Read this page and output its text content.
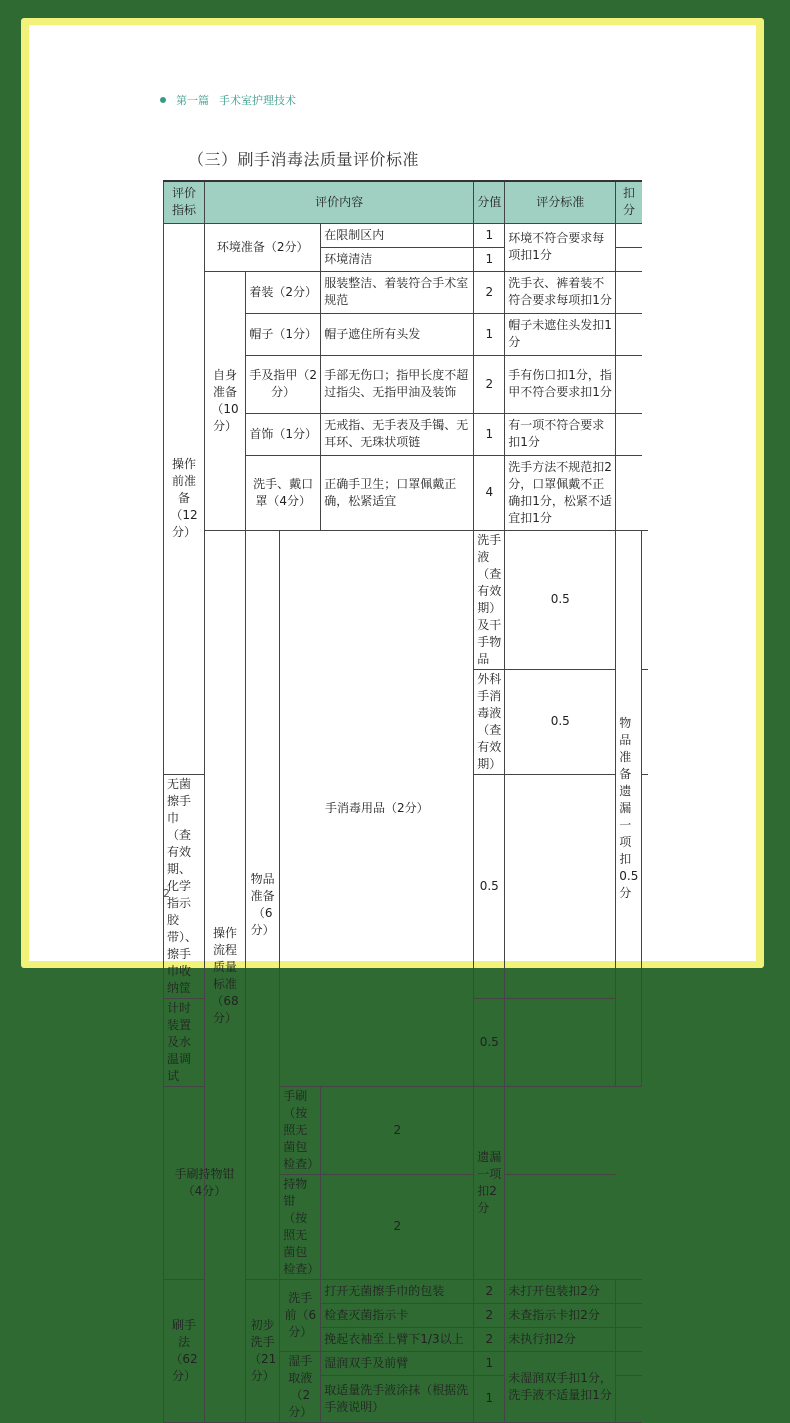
第一篇 手术室护理技术
（三）刷手消毒法质量评价标准
评价指标	评价内容				分值	评分标准	扣分	
操作前准备（12分）	环境准备（2分）			在限制区内	1	环境不符合要求每项扣1分		
				环境清洁	1			
	自身准备（10分）	着装（2分）		服装整洁、着装符合手术室规范	2	洗手衣、裤着装不符合要求每项扣1分		
		帽子（1分）		帽子遮住所有头发	1	帽子未遮住头发扣1分		
		手及指甲（2分）		手部无伤口；指甲长度不超过指尖、无指甲油及装饰	2	手有伤口扣1分，指甲不符合要求扣1分		
		首饰（1分）		无戒指、无手表及手镯、无耳环、无珠状项链	1	有一项不符合要求扣1分		
		洗手、戴口罩（4分）		正确手卫生；口罩佩戴正确，松紧适宜	4	洗手方法不规范扣2分，口罩佩戴不正确扣1分，松紧不适宜扣1分		
	操作流程质量标准（68分）	物品准备（6分）	手消毒用品（2分）		洗手液（查有效期）及干手物品	0.5	物品准备遗漏一项扣0.5分	
					外科手消毒液（查有效期）	0.5		
无菌擦手巾（查有效期、化学指示胶带）、擦手巾收纳筐					0.5			
计时装置及水温调试					0.5			
手刷持物钳（4分）			手刷（按照无菌包检查）	2	遗漏一项扣2分			
			持物钳（按照无菌包检查）	2				
刷手法（62分）		初步洗手（21分）	洗手前（6分）	打开无菌擦手巾的包装	2	未打开包装扣2分		
				检查灭菌指示卡	2	未查指示卡扣2分		
				挽起衣袖至上臂下1/3以上	2	未执行扣2分		
			湿手取液（2分）	湿润双手及前臂	1	未湿润双手扣1分，洗手液不适量扣1分		
				取适量洗手液涂抹（根据洗手液说明）	1			

2
